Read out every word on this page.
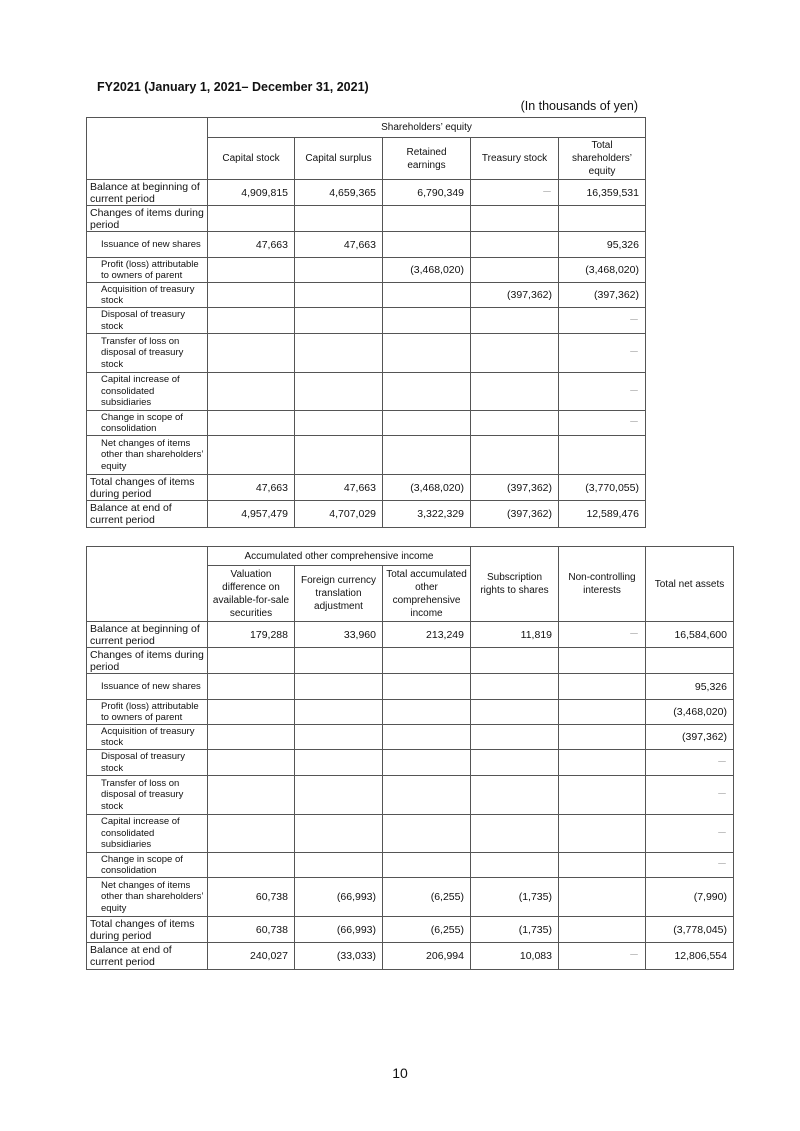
FY2021 (January 1, 2021– December 31, 2021)
(In thousands of yen)
	Shareholders’ equity				
	Capital stock	Capital surplus	Retained earnings	Treasury stock	Total shareholders’ equity
Balance at beginning of current period	4,909,815	4,659,365	6,790,349	－	16,359,531
Changes of items during period					
Issuance of new shares	47,663	47,663			95,326
Profit (loss) attributable to owners of parent			(3,468,020)		(3,468,020)
Acquisition of treasury stock				(397,362)	(397,362)
Disposal of treasury stock					－
Transfer of loss on disposal of treasury stock					－
Capital increase of consolidated subsidiaries					－
Change in scope of consolidation					－
Net changes of items other than shareholders’ equity					
Total changes of items during period	47,663	47,663	(3,468,020)	(397,362)	(3,770,055)
Balance at end of current period	4,957,479	4,707,029	3,322,329	(397,362)	12,589,476
	Accumulated other comprehensive income			Subscription rights to shares	Non-controlling interests	Total net assets
	Valuation difference on available-for-sale securities	Foreign currency translation adjustment	Total accumulated other comprehensive income			
Balance at beginning of current period	179,288	33,960	213,249	11,819	－	16,584,600
Changes of items during period						
Issuance of new shares						95,326
Profit (loss) attributable to owners of parent						(3,468,020)
Acquisition of treasury stock						(397,362)
Disposal of treasury stock						－
Transfer of loss on disposal of treasury stock						－
Capital increase of consolidated subsidiaries						－
Change in scope of consolidation						－
Net changes of items other than shareholders’ equity	60,738	(66,993)	(6,255)	(1,735)		(7,990)
Total changes of items during period	60,738	(66,993)	(6,255)	(1,735)		(3,778,045)
Balance at end of current period	240,027	(33,033)	206,994	10,083	－	12,806,554
10
